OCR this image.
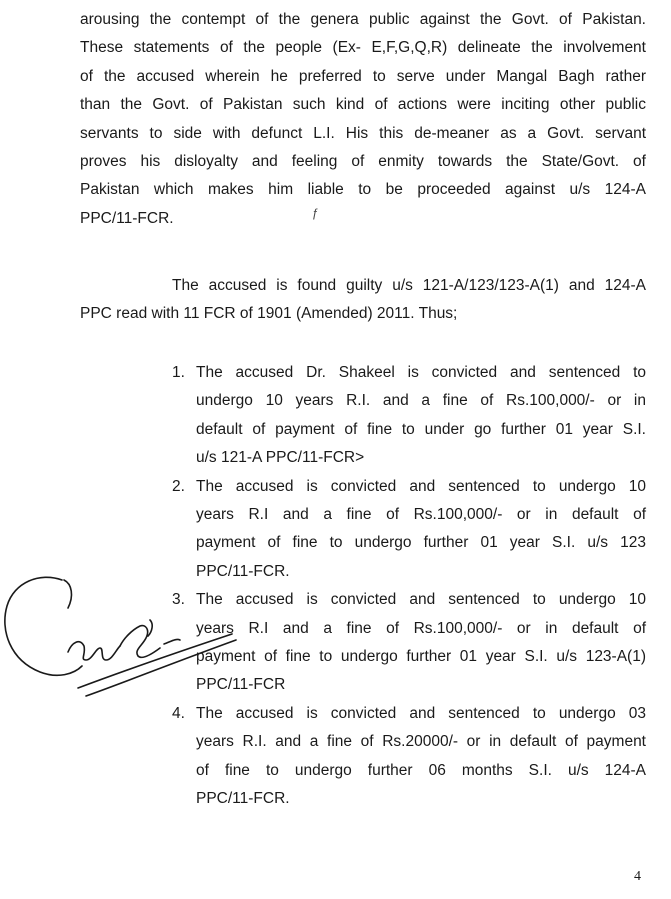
arousing the contempt of the genera public against the Govt. of Pakistan.
These statements of the people (Ex- E,F,G,Q,R) delineate the involvement
of the accused wherein he preferred to serve under Mangal Bagh rather
than the Govt. of Pakistan such kind of actions were inciting other public
servants to side with defunct L.I. His this de-meaner as a Govt. servant
proves his disloyalty and feeling of enmity towards the State/Govt. of
Pakistan which makes him liable to be proceeded against u/s 124-A
PPC/11-FCR.	ƒ
The accused is found guilty u/s 121-A/123/123-A(1) and 124-A
PPC read with 11 FCR of 1901 (Amended) 2011. Thus;
1. The accused Dr. Shakeel is convicted and sentenced to
undergo 10 years R.I. and a fine of Rs.100,000/- or in
default of payment of fine to under go further 01 year S.I.
u/s 121-A PPC/11-FCR>
2. The accused is convicted and sentenced to undergo 10
years R.I and a fine of Rs.100,000/- or in default of
payment of fine to undergo further 01 year S.I. u/s 123
PPC/11-FCR.
3. The accused is convicted and sentenced to undergo 10
years R.I and a fine of Rs.100,000/- or in default of
payment of fine to undergo further 01 year S.I. u/s 123-A(1)
PPC/11-FCR
4. The accused is convicted and sentenced to undergo 03
years R.I. and a fine of Rs.20000/- or in default of payment
of fine to undergo further 06 months S.I. u/s 124-A
PPC/11-FCR.
4
